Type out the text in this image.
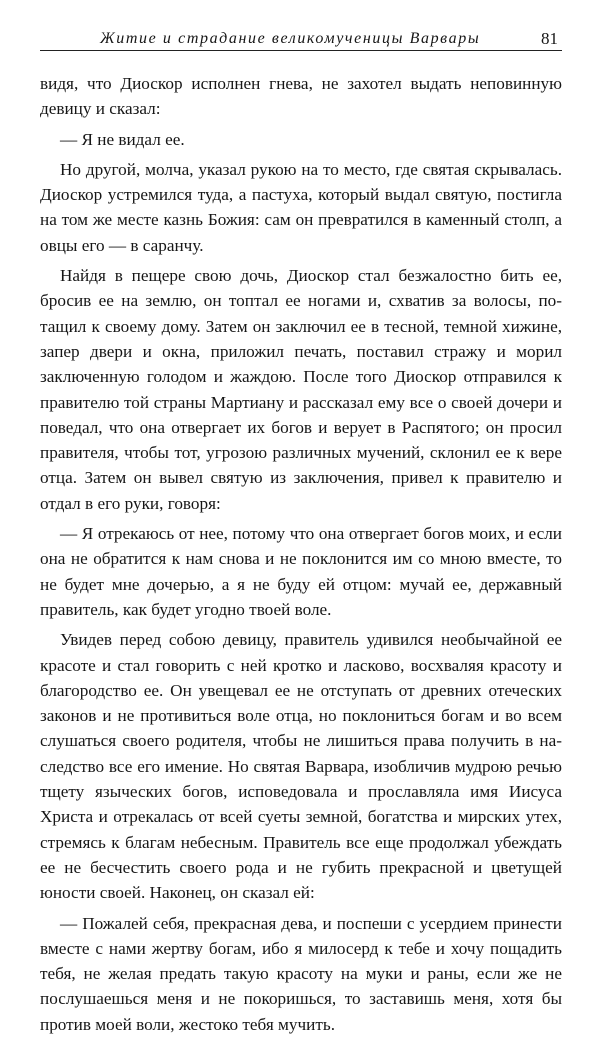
Житие и страдание великомученицы Варвары	81

видя, что Диоскор исполнен гнева, не захотел выдать неповинную девицу и сказал:

— Я не видал ее.

Но другой, молча, указал рукою на то место, где святая скрывалась. Диоскор устремился туда, а пастуха, который выдал святую, постигла на том же месте казнь Божия: сам он превратился в каменный столп, а овцы его — в саранчу.

Найдя в пещере свою дочь, Диоскор стал безжалостно бить ее, бросив ее на землю, он топтал ее ногами и, схватив за волосы, потащил к своему дому. Затем он заключил ее в тесной, темной хижине, запер двери и окна, приложил печать, поставил стражу и морил заключенную голодом и жаждою. После того Диоскор отправился к правителю той страны Мартиану и рассказал ему все о своей дочери и поведал, что она отвергает их богов и верует в Распятого; он просил правителя, чтобы тот, угрозою различных мучений, склонил ее к вере отца. Затем он вывел святую из заключения, привел к правителю и отдал в его руки, говоря:

— Я отрекаюсь от нее, потому что она отвергает богов моих, и если она не обратится к нам снова и не поклонится им со мною вместе, то не будет мне дочерью, а я не буду ей отцом: мучай ее, державный правитель, как будет угодно твоей воле.

Увидев перед собою девицу, правитель удивился необычайной ее красоте и стал говорить с ней кротко и ласково, восхваляя красоту и благородство ее. Он увещевал ее не отступать от древних отеческих законов и не противиться воле отца, но поклониться богам и во всем слушаться своего родителя, чтобы не лишиться права получить в наследство все его имение. Но святая Варвара, изобличив мудрою речью тщету языческих богов, исповедовала и прославляла имя Иисуса Христа и отрекалась от всей суеты земной, богатства и мирских утех, стремясь к благам небесным. Правитель все еще продолжал убеждать ее не бесчестить своего рода и не губить прекрасной и цветущей юности своей. Наконец, он сказал ей:

— Пожалей себя, прекрасная дева, и поспеши с усердием принести вместе с нами жертву богам, ибо я милосерд к тебе и хочу пощадить тебя, не желая предать такую красоту на муки и раны, если же не послушаешься меня и не покоришься, то заставишь меня, хотя бы против моей воли, жестоко тебя мучить.
